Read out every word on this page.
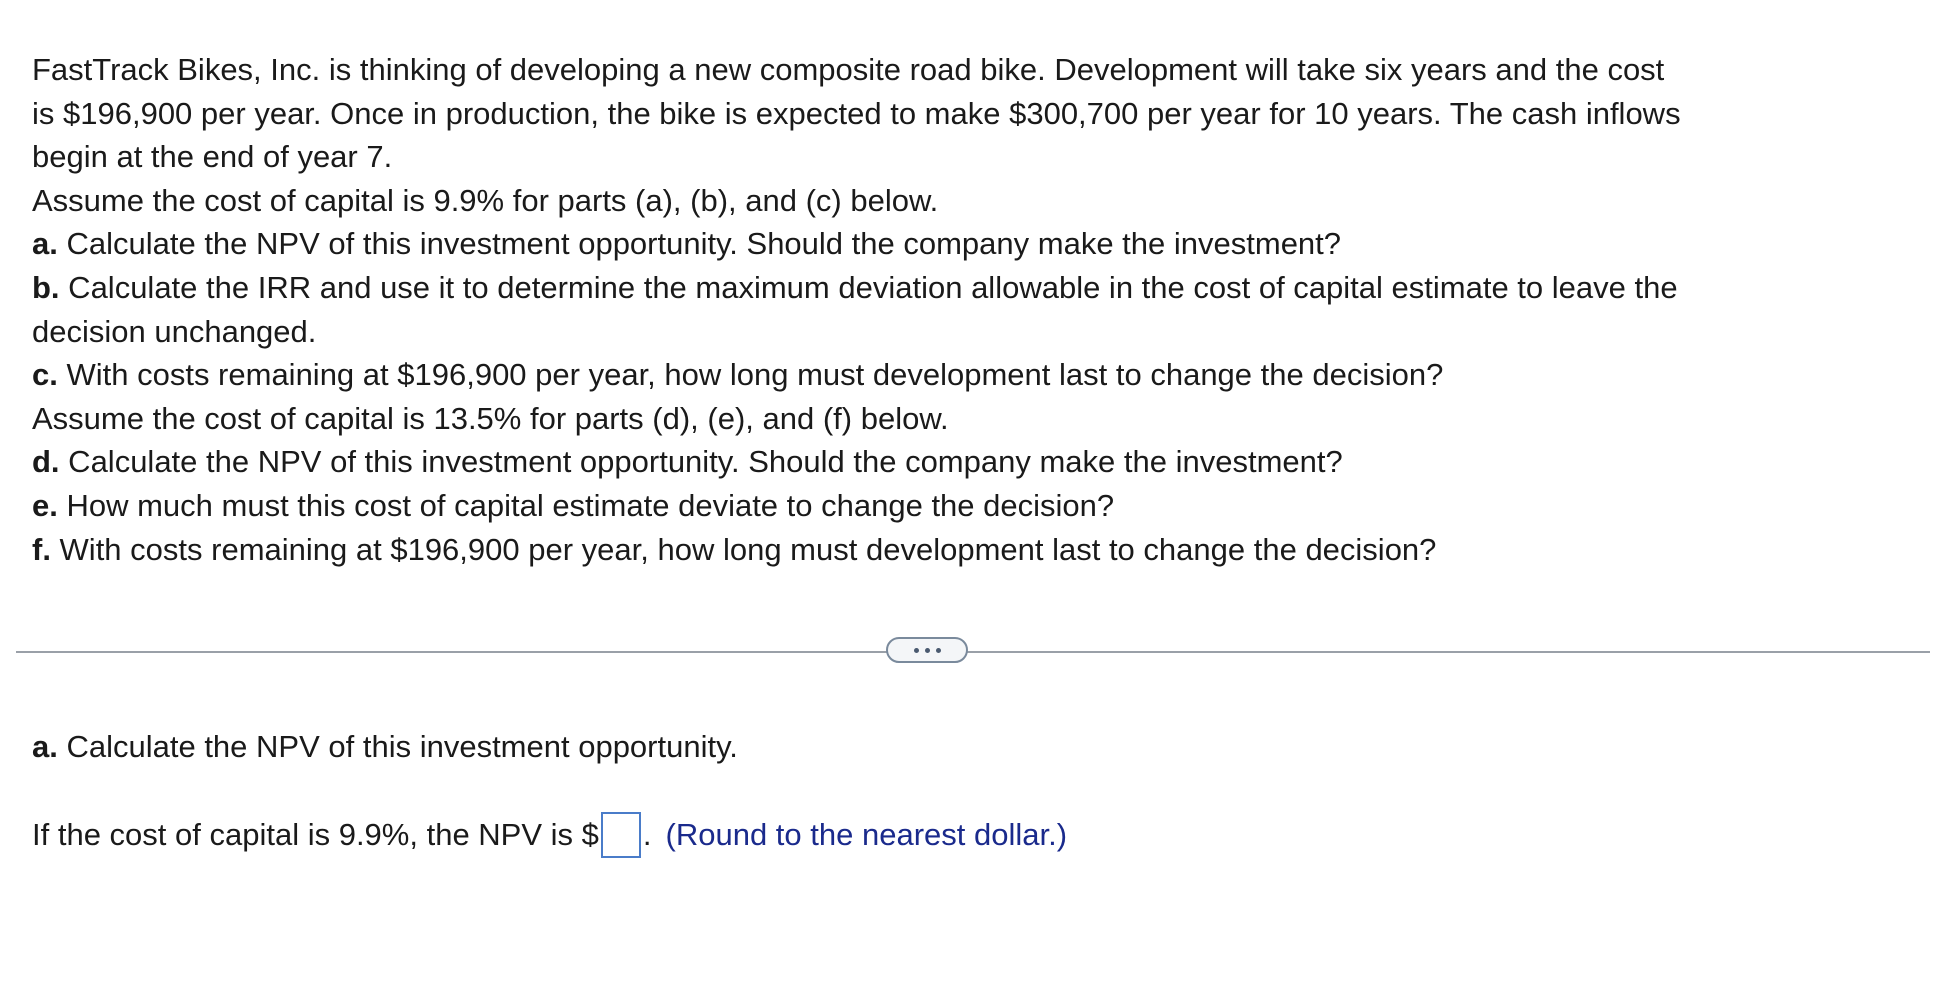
FastTrack Bikes, Inc. is thinking of developing a new composite road bike. Development will take six years and the cost
is $196,900 per year. Once in production, the bike is expected to make $300,700 per year for 10 years. The cash inflows
begin at the end of year 7.
Assume the cost of capital is 9.9% for parts (a), (b), and (c) below.
a. Calculate the NPV of this investment opportunity. Should the company make the investment?
b. Calculate the IRR and use it to determine the maximum deviation allowable in the cost of capital estimate to leave the
decision unchanged.
c. With costs remaining at $196,900 per year, how long must development last to change the decision?
Assume the cost of capital is 13.5% for parts (d), (e), and (f) below.
d. Calculate the NPV of this investment opportunity. Should the company make the investment?
e. How much must this cost of capital estimate deviate to change the decision?
f. With costs remaining at $196,900 per year, how long must development last to change the decision?
a. Calculate the NPV of this investment opportunity.
If the cost of capital is 9.9%, the NPV is $ . (Round to the nearest dollar.)
